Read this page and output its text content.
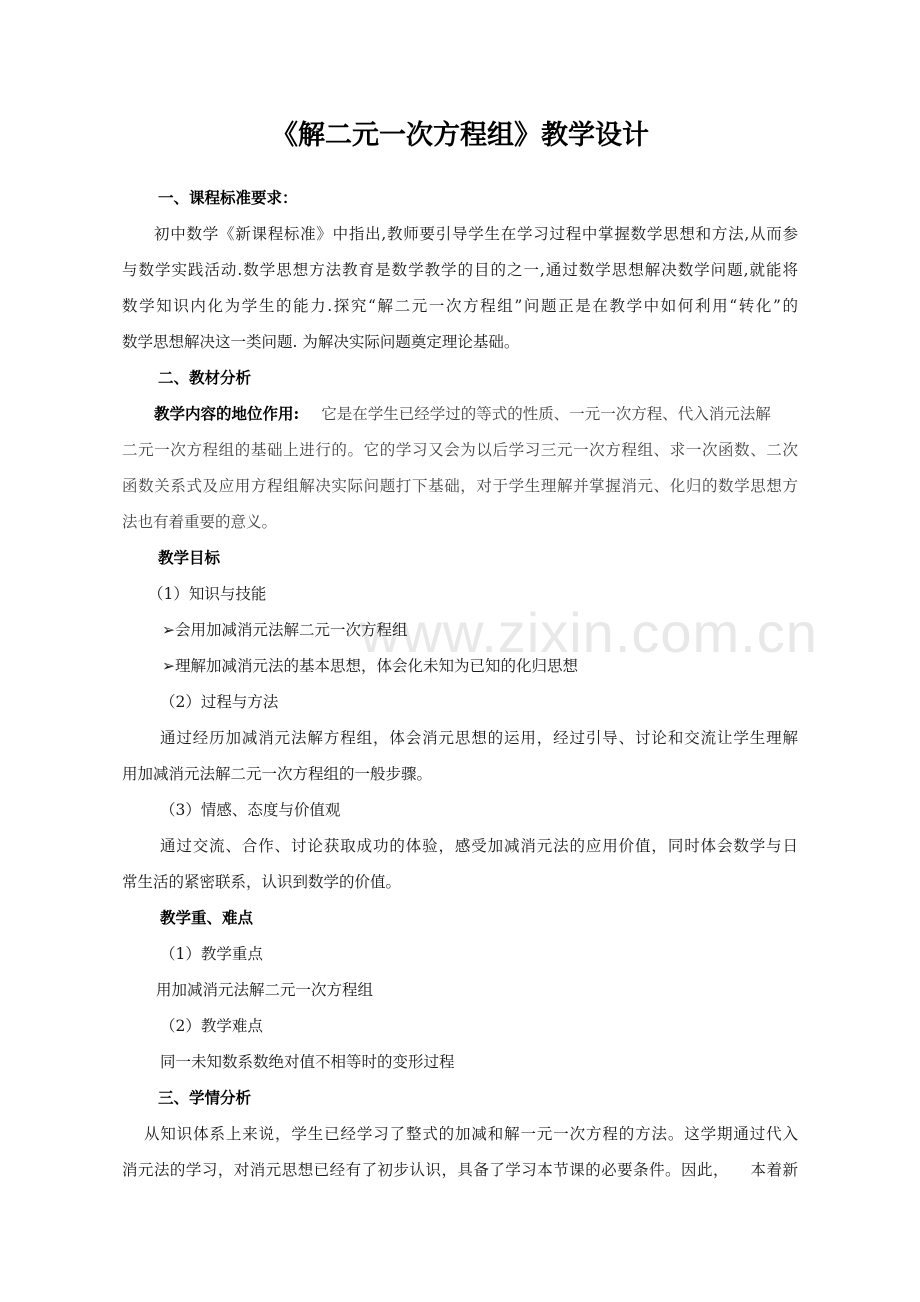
www.zixin.com.cn
《解二元一次方程组》教学设计
一、课程标准要求：
初中数学《新课程标准》中指出,教师要引导学生在学习过程中掌握数学思想和方法,从而参
与数学实践活动.数学思想方法教育是数学教学的目的之一,通过数学思想解决数学问题,就能将
数学知识内化为学生的能力.探究“解二元一次方程组”问题正是在教学中如何利用“转化”的
数学思想解决这一类问题. 为解决实际问题奠定理论基础。
二、教材分析
教学内容的地位作用: 它是在学生已经学过的等式的性质、一元一次方程、代入消元法解
二元一次方程组的基础上进行的。它的学习又会为以后学习三元一次方程组、求一次函数、二次
函数关系式及应用方程组解决实际问题打下基础，对于学生理解并掌握消元、化归的数学思想方
法也有着重要的意义。
教学目标
（1）知识与技能
➢会用加减消元法解二元一次方程组
➢理解加减消元法的基本思想，体会化未知为已知的化归思想
（2）过程与方法
通过经历加减消元法解方程组，体会消元思想的运用，经过引导、讨论和交流让学生理解
用加减消元法解二元一次方程组的一般步骤。
（3）情感、态度与价值观
通过交流、合作、讨论获取成功的体验，感受加减消元法的应用价值，同时体会数学与日
常生活的紧密联系，认识到数学的价值。
教学重、难点
（1）教学重点
用加减消元法解二元一次方程组
（2）教学难点
同一未知数系数绝对值不相等时的变形过程
三、学情分析
从知识体系上来说，学生已经学习了整式的加减和解一元一次方程的方法。这学期通过代入
消元法的学习，对消元思想已经有了初步认识，具备了学习本节课的必要条件。因此，    本着新
